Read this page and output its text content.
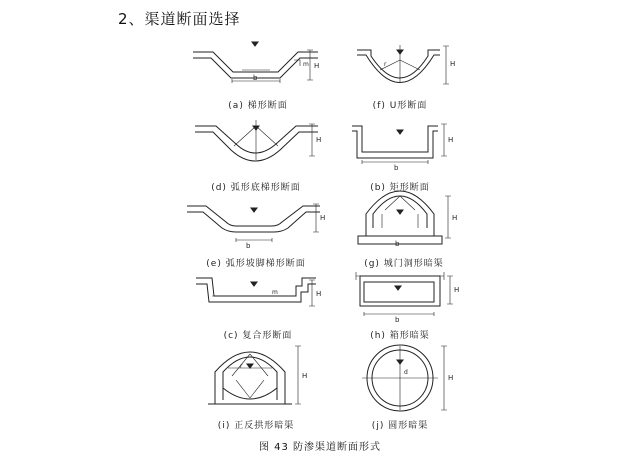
2、渠道断面选择
b
m H	r	H
H
b
H
b
H
b
H
m	H
b
H
r
H	d
H
(a) 梯形断面	(f) U形断面
(d) 弧形底梯形断面	(b) 矩形断面
(e) 弧形坡脚梯形断面	(g) 城门洞形暗渠
(c) 复合形断面	(h) 箱形暗渠
(i) 正反拱形暗渠	(j) 圆形暗渠
图 43 防渗渠道断面形式
